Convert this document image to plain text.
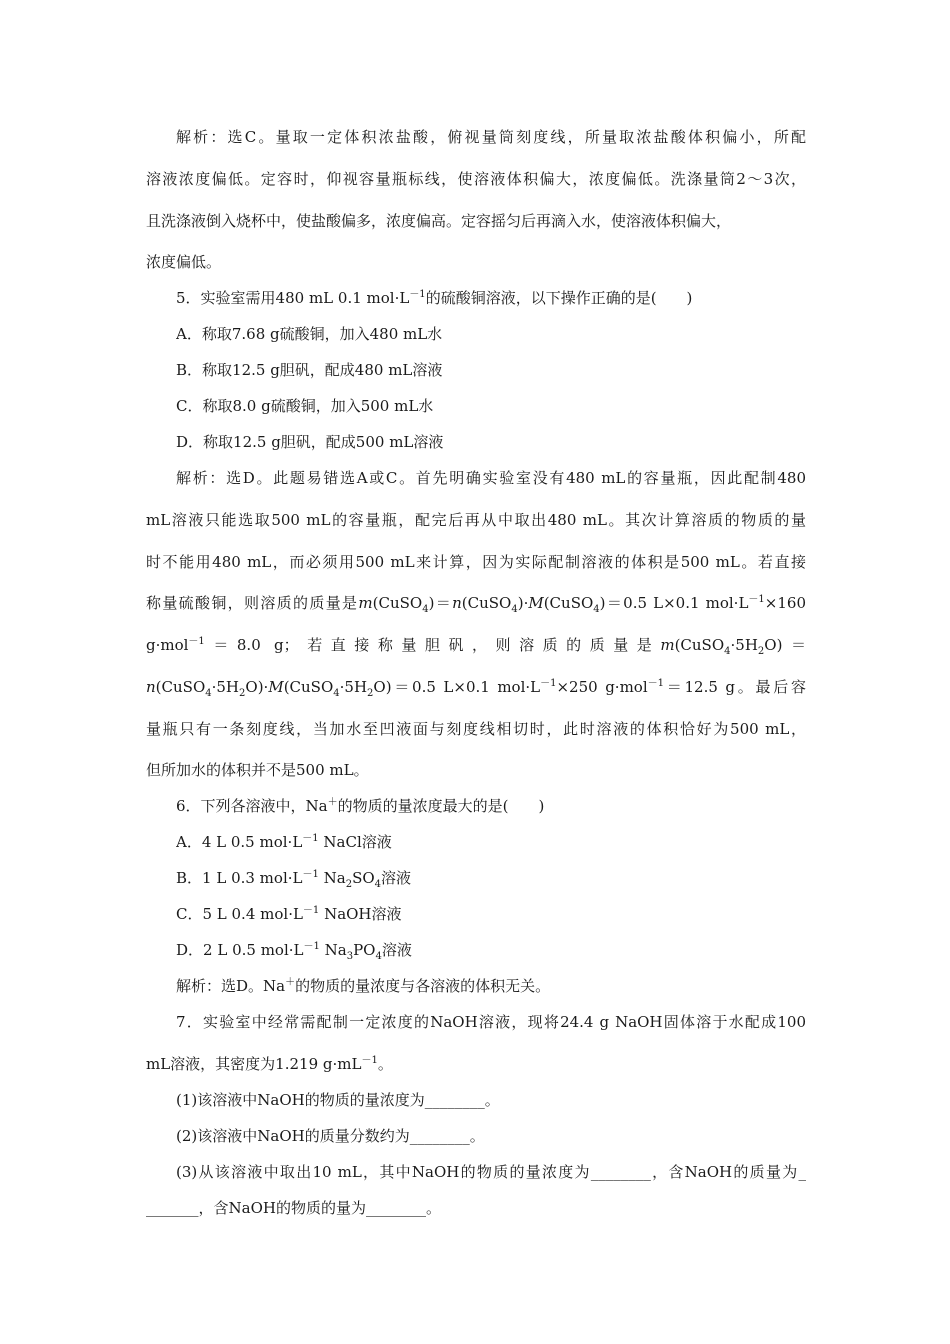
解析：选C。量取一定体积浓盐酸，俯视量筒刻度线，所量取浓盐酸体积偏小，所配
溶液浓度偏低。定容时，仰视容量瓶标线，使溶液体积偏大，浓度偏低。洗涤量筒2～3次，
且洗涤液倒入烧杯中，使盐酸偏多，浓度偏高。定容摇匀后再滴入水，使溶液体积偏大，
浓度偏低。
5．实验室需用480 mL 0.1 $mol\cdot L^{-1}$的硫酸铜溶液，以下操作正确的是(　　)
A．称取7.68 g硫酸铜，加入480 mL水
B．称取12.5 g胆矾，配成480 mL溶液
C．称取8.0 g硫酸铜，加入500 mL水
D．称取12.5 g胆矾，配成500 mL溶液
解析：选D。此题易错选A或C。首先明确实验室没有480 mL的容量瓶，因此配制480
mL溶液只能选取500 mL的容量瓶，配完后再从中取出480 mL。其次计算溶质的物质的量
时不能用480 mL，而必须用500 mL来计算，因为实际配制溶液的体积是500 mL。若直接
称量硫酸铜，则溶质的质量是m(CuSO$_4$)＝n(CuSO$_4$)·M(CuSO$_4$)＝0.5 L×0.1 $mol\cdot L^{-1}\times 160$
g·mol$^{-1}$＝8.0 g；若直接称量胆矾，则溶质的质量是$m(CuSO_4\cdot 5H_2O)=$
$n(CuSO_4\cdot 5H_2O)\cdot M(CuSO_4\cdot 5H_2O)=0.5$ L×0.1 $mol\cdot L^{-1}\times 250$ g·mol$^{-1}$＝12.5 g。最后容
量瓶只有一条刻度线，当加水至凹液面与刻度线相切时，此时溶液的体积恰好为500 mL，
但所加水的体积并不是500 mL。
6．下列各溶液中，Na＋的物质的量浓度最大的是(　　)
A．4 L 0.5 $mol\cdot L^{-1}$ NaCl溶液
B．1 L 0.3 $mol\cdot L^{-1}$ $Na_2SO_4$溶液
C．5 L 0.4 $mol\cdot L^{-1}$ NaOH溶液
D．2 L 0.5 $mol\cdot L^{-1}$ $Na_3PO_4$溶液
解析：选D。Na＋的物质的量浓度与各溶液的体积无关。
7．实验室中经常需配制一定浓度的NaOH溶液，现将24.4 g NaOH固体溶于水配成100
mL溶液，其密度为1.219 $g\cdot mL^{-1}$。
(1)该溶液中NaOH的物质的量浓度为________。
(2)该溶液中NaOH的质量分数约为________。
(3)从该溶液中取出10 mL，其中NaOH的物质的量浓度为________，含NaOH的质量为_
_______，含NaOH的物质的量为________。
